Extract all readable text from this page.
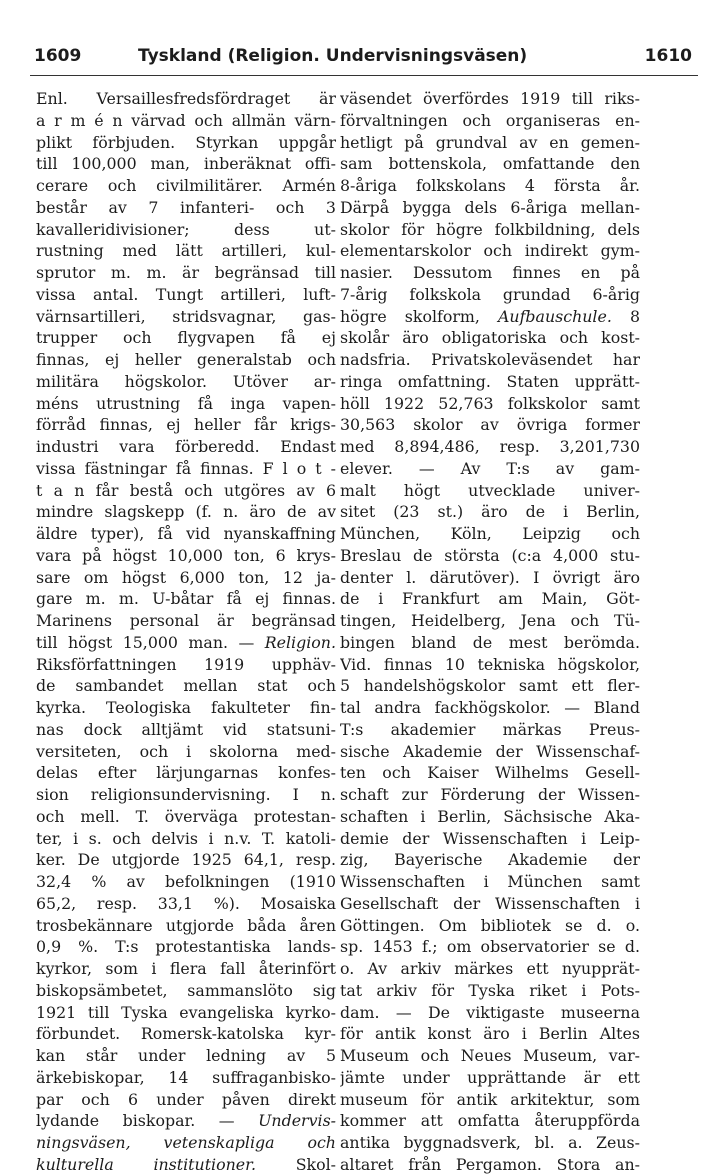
1609	Tyskland (Religion. Undervisningsväsen)	1610
Enl. Versaillesfredsfördraget är
a r m é n värvad och allmän värn-
plikt förbjuden. Styrkan uppgår
till 100,000 man, inberäknat offi-
cerare och civilmilitärer. Armén
består av 7 infanteri- och 3
kavalleridivisioner; dess ut-
rustning med lätt artilleri, kul-
sprutor m. m. är begränsad till
vissa antal. Tungt artilleri, luft-
värnsartilleri, stridsvagnar, gas-
trupper och flygvapen få ej
finnas, ej heller generalstab och
militära högskolor. Utöver ar-
méns utrustning få inga vapen-
förråd finnas, ej heller får krigs-
industri vara förberedd. Endast
vissa fästningar få finnas. F l o t -
t a n får bestå och utgöres av 6
mindre slagskepp (f. n. äro de av
äldre typer), få vid nyanskaffning
vara på högst 10,000 ton, 6 krys-
sare om högst 6,000 ton, 12 ja-
gare m. m. U-båtar få ej finnas.
Marinens personal är begränsad
till högst 15,000 man. — Religion.
Riksförfattningen 1919 upphäv-
de sambandet mellan stat och
kyrka. Teologiska fakulteter fin-
nas dock alltjämt vid statsuni-
versiteten, och i skolorna med-
delas efter lärjungarnas konfes-
sion religionsundervisning. I n.
och mell. T. överväga protestan-
ter, i s. och delvis i n.v. T. katoli-
ker. De utgjorde 1925 64,1, resp.
32,4 % av befolkningen (1910
65,2, resp. 33,1 %). Mosaiska
trosbekännare utgjorde båda åren
0,9 %. T:s protestantiska lands-
kyrkor, som i flera fall återinfört
biskopsämbetet, sammanslöto sig
1921 till Tyska evangeliska kyrko-
förbundet. Romersk-katolska kyr-
kan står under ledning av 5
ärkebiskopar, 14 suffraganbisko-
par och 6 under påven direkt
lydande biskopar. — Undervis-
ningsväsen, vetenskapliga och
kulturella institutioner.	Skol-
väsendet överfördes 1919 till riks-
förvaltningen och organiseras en-
hetligt på grundval av en gemen-
sam bottenskola, omfattande den
8-åriga folkskolans 4 första år.
Därpå bygga dels 6-åriga mellan-
skolor för högre folkbildning, dels
elementarskolor och indirekt gym-
nasier. Dessutom finnes en på
7-årig folkskola grundad 6-årig
högre skolform, Aufbauschule. 8
skolår äro obligatoriska och kost-
nadsfria. Privatskoleväsendet har
ringa omfattning. Staten upprätt-
höll 1922 52,763 folkskolor samt
30,563 skolor av övriga former
med 8,894,486, resp. 3,201,730
elever. — Av T:s av gam-
malt högt utvecklade univer-
sitet (23 st.) äro de i Berlin,
München, Köln, Leipzig och
Breslau de största (c:a 4,000 stu-
denter l. därutöver). I övrigt äro
de i Frankfurt am Main, Göt-
tingen, Heidelberg, Jena och Tü-
bingen bland de mest berömda.
Vid. finnas 10 tekniska högskolor,
5 handelshögskolor samt ett fler-
tal andra fackhögskolor. — Bland
T:s akademier märkas Preus-
sische Akademie der Wissenschaf-
ten och Kaiser Wilhelms Gesell-
schaft zur Förderung der Wissen-
schaften i Berlin, Sächsische Aka-
demie der Wissenschaften i Leip-
zig, Bayerische Akademie der
Wissenschaften i München samt
Gesellschaft der Wissenschaften i
Göttingen. Om bibliotek se d. o.
sp. 1453 f.; om observatorier se d.
o. Av arkiv märkes ett nyupprät-
tat arkiv för Tyska riket i Pots-
dam. — De viktigaste museerna
för antik konst äro i Berlin Altes
Museum och Neues Museum, var-
jämte under upprättande är ett
museum för antik arkitektur, som
kommer att omfatta återuppförda
antika byggnadsverk, bl. a. Zeus-
altaret från Pergamon. Stora an-
